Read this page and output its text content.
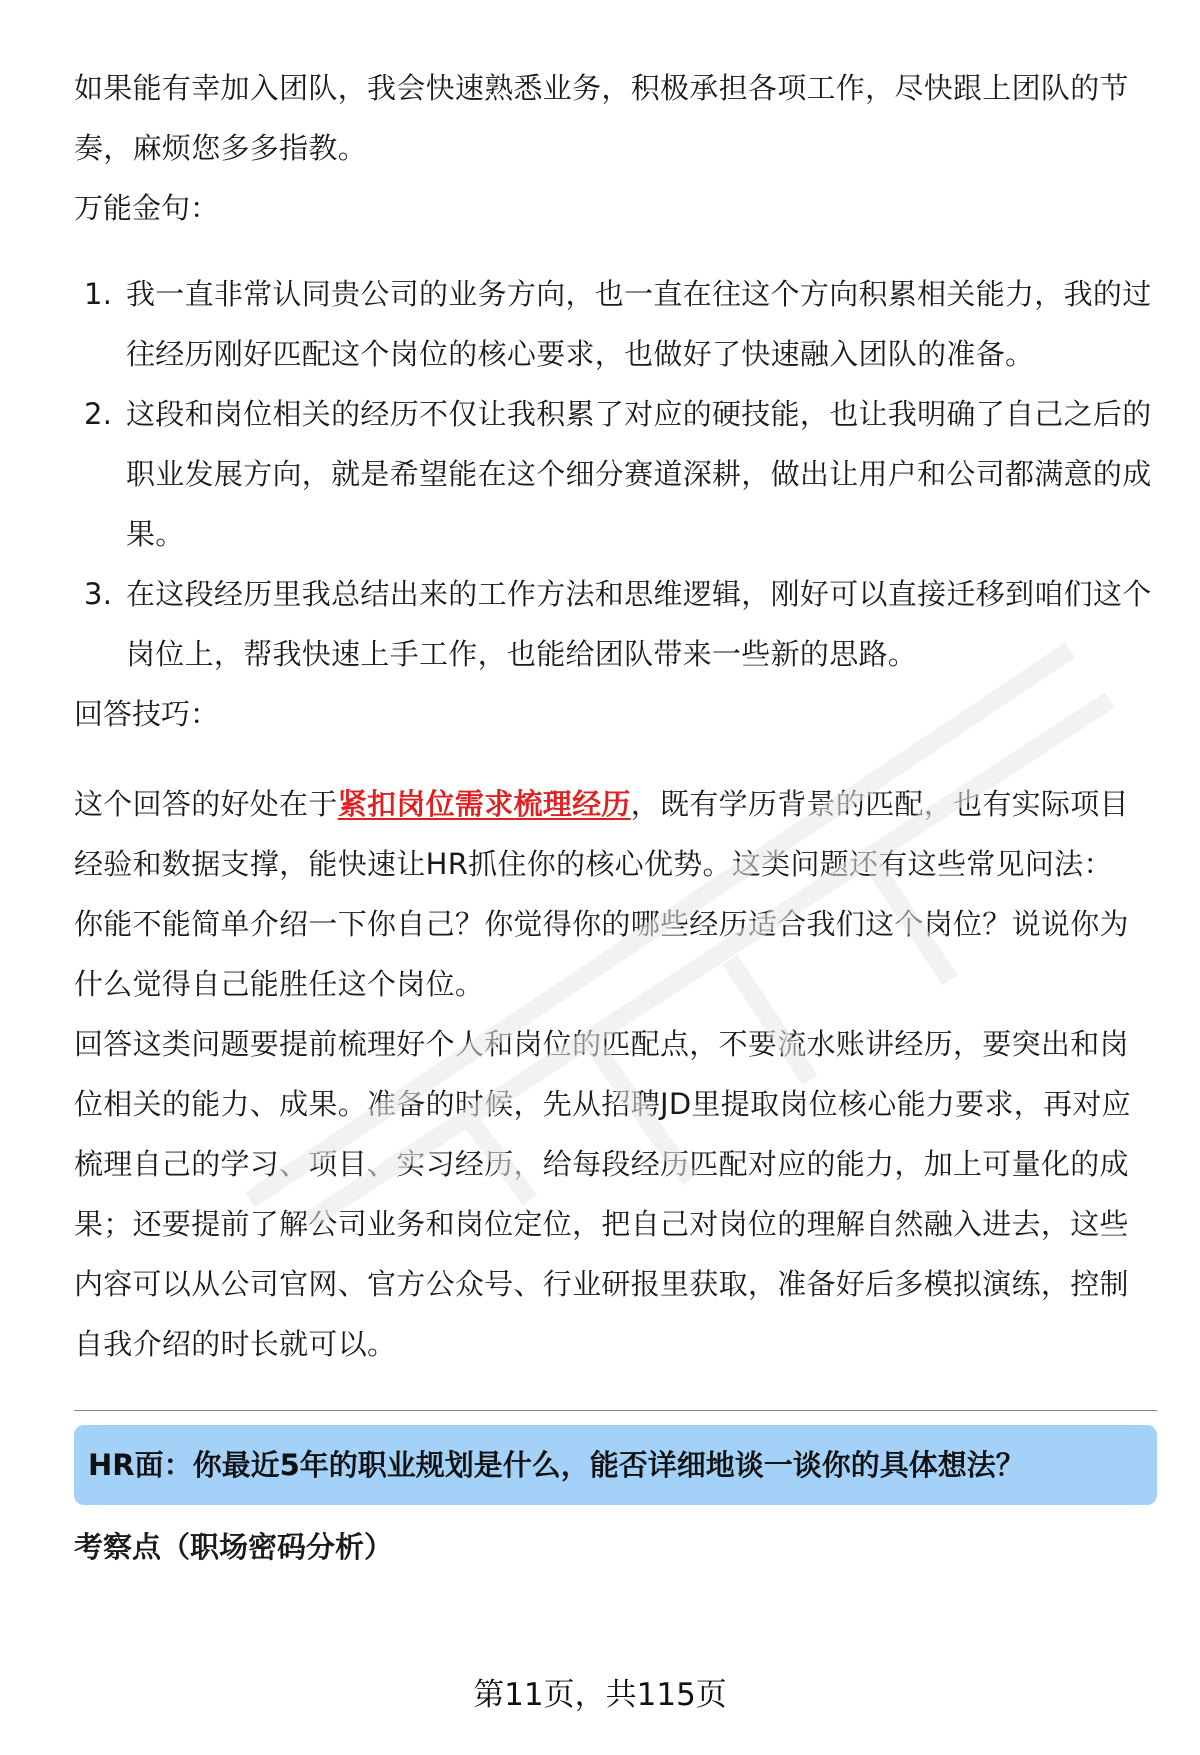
如果能有幸加入团队，我会快速熟悉业务，积极承担各项工作，尽快跟上团队的节奏，麻烦您多多指教。

万能金句：

1. 我一直非常认同贵公司的业务方向，也一直在往这个方向积累相关能力，我的过往经历刚好匹配这个岗位的核心要求，也做好了快速融入团队的准备。
2. 这段和岗位相关的经历不仅让我积累了对应的硬技能，也让我明确了自己之后的职业发展方向，就是希望能在这个细分赛道深耕，做出让用户和公司都满意的成果。
3. 在这段经历里我总结出来的工作方法和思维逻辑，刚好可以直接迁移到咱们这个岗位上，帮我快速上手工作，也能给团队带来一些新的思路。

回答技巧：

这个回答的好处在于紧扣岗位需求梳理经历，既有学历背景的匹配，也有实际项目经验和数据支撑，能快速让HR抓住你的核心优势。这类问题还有这些常见问法：

你能不能简单介绍一下你自己？你觉得你的哪些经历适合我们这个岗位？说说你为什么觉得自己能胜任这个岗位。

回答这类问题要提前梳理好个人和岗位的匹配点，不要流水账讲经历，要突出和岗位相关的能力、成果。准备的时候，先从招聘JD里提取岗位核心能力要求，再对应梳理自己的学习、项目、实习经历，给每段经历匹配对应的能力，加上可量化的成果；还要提前了解公司业务和岗位定位，把自己对岗位的理解自然融入进去，这些内容可以从公司官网、官方公众号、行业研报里获取，准备好后多模拟演练，控制自我介绍的时长就可以。

HR面：你最近5年的职业规划是什么，能否详细地谈一谈你的具体想法？
考察点（职场密码分析）
第11页，共115页
